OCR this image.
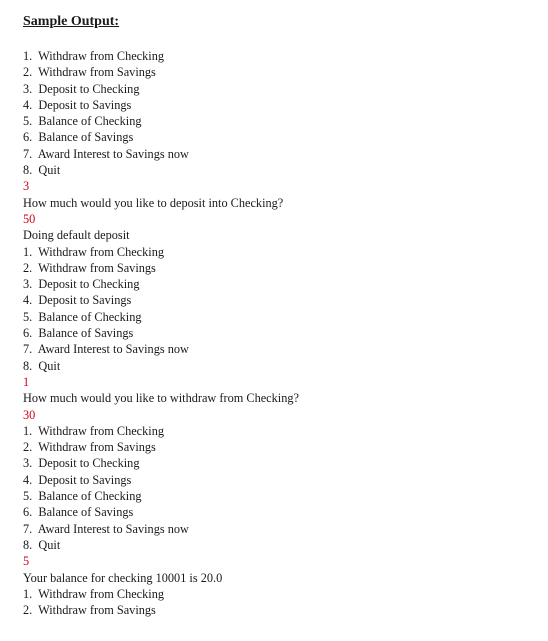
Sample Output:
1.  Withdraw from Checking
2.  Withdraw from Savings
3.  Deposit to Checking
4.  Deposit to Savings
5.  Balance of Checking
6.  Balance of Savings
7.  Award Interest to Savings now
8.  Quit
3
How much would you like to deposit into Checking?
50
Doing default deposit
1.  Withdraw from Checking
2.  Withdraw from Savings
3.  Deposit to Checking
4.  Deposit to Savings
5.  Balance of Checking
6.  Balance of Savings
7.  Award Interest to Savings now
8.  Quit
1
How much would you like to withdraw from Checking?
30
1.  Withdraw from Checking
2.  Withdraw from Savings
3.  Deposit to Checking
4.  Deposit to Savings
5.  Balance of Checking
6.  Balance of Savings
7.  Award Interest to Savings now
8.  Quit
5
Your balance for checking 10001 is 20.0
1.  Withdraw from Checking
2.  Withdraw from Savings
